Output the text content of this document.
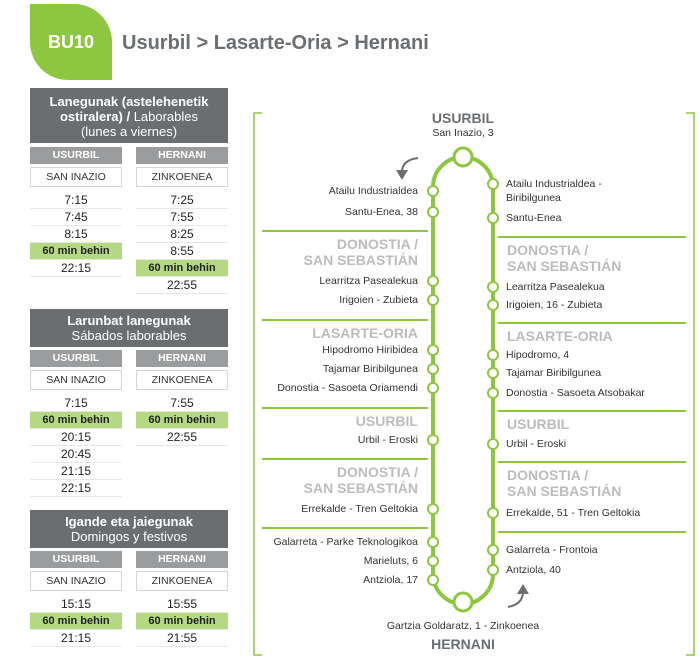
BU10	Usurbil > Lasarte-Oria > Hernani
Lanegunak (astelehenetik
ostiralera) / Laborables
(lunes a viernes)
USURBIL
SAN INAZIO
7:15
7:45
8:15
60 min behin
22:15
HERNANI
ZINKOENEA
7:25
7:55
8:25
8:55
60 min behin
22:55
Larunbat lanegunak
Sábados laborables
USURBIL
SAN INAZIO
7:15
60 min behin
20:15
20:45
21:15
22:15
HERNANI
ZINKOENEA
7:55
60 min behin
22:55
Igande eta jaiegunak
Domingos y festivos
USURBIL
SAN INAZIO
15:15
60 min behin
21:15
HERNANI
ZINKOENEA
15:55
60 min behin
21:55
USURBIL
San Inazio, 3
Gartzia Goldaratz, 1 - Zinkoenea
HERNANI
DONOSTIA /
SAN SEBASTIÁN
LASARTE-ORIA
USURBIL
DONOSTIA /
SAN SEBASTIÁN
DONOSTIA /
SAN SEBASTIÁN
LASARTE-ORIA
USURBIL
DONOSTIA /
SAN SEBASTIÁN
Atailu Industrialdea
Santu-Enea, 38
Learritza Pasealekua
Irigoien - Zubieta
Hipodromo Hiribidea
Tajamar Biribilgunea
Donostia - Sasoeta Oriamendi
Urbil - Eroski
Errekalde - Tren Geltokia
Galarreta - Parke Teknologikoa
Marieluts, 6
Antziola, 17
Atailu Industrialdea -
Biribilgunea
Santu-Enea
Learritza Pasealekua
Irigoien, 16 - Zubieta
Hipodromo, 4
Tajamar Biribilgunea
Donostia - Sasoeta Atsobakar
Urbil - Eroski
Errekalde, 51 - Tren Geltokia
Galarreta - Frontoia
Antziola, 40
